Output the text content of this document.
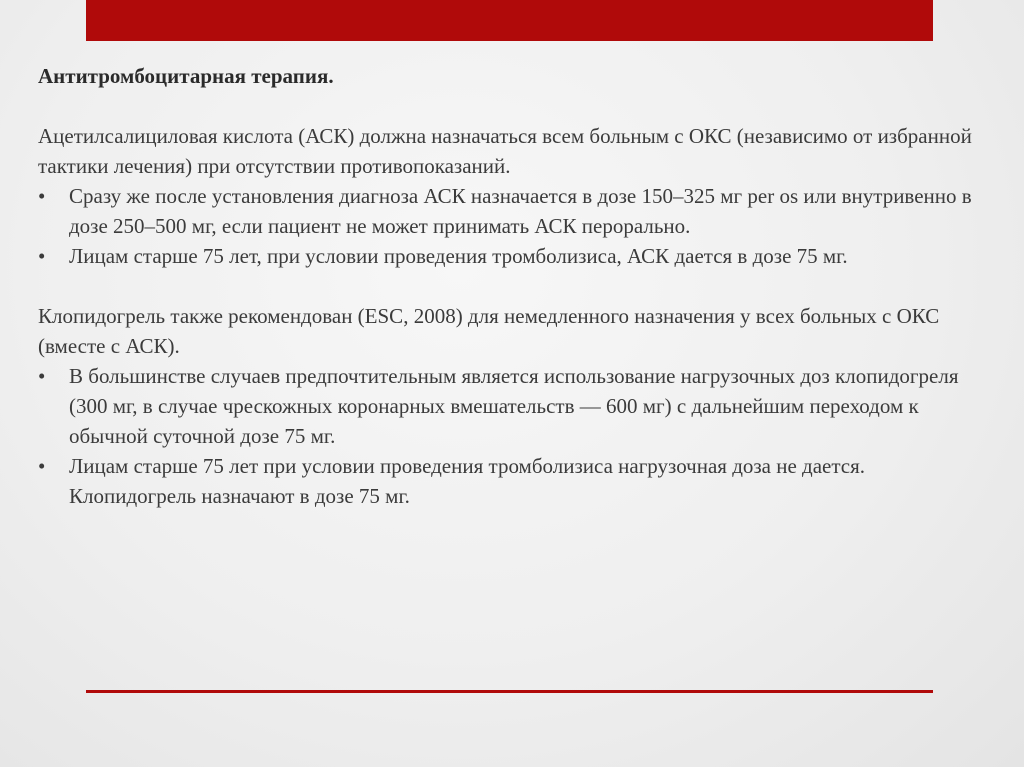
Антитромбоцитарная терапия.

Ацетилсалициловая кислота (АСК) должна назначаться всем больным с ОКС (независимо от избранной тактики лечения) при отсутствии противопоказаний.

• Сразу же после установления диагноза АСК назначается в дозе 150–325 мг per os или внутривенно в дозе 250–500 мг, если пациент не может принимать АСК перорально.
• Лицам старше 75 лет, при условии проведения тромболизиса, АСК дается в дозе 75 мг.

Клопидогрель также рекомендован (ESC, 2008) для немедленного назначения у всех больных с ОКС (вместе с АСК).

• В большинстве случаев предпочтительным является использование нагрузочных доз клопидогреля (300 мг, в случае чрескожных коронарных вмешательств — 600 мг) с дальнейшим переходом к обычной суточной дозе 75 мг.
• Лицам старше 75 лет при условии проведения тромболизиса нагрузочная доза не дается. Клопидогрель назначают в дозе 75 мг.
